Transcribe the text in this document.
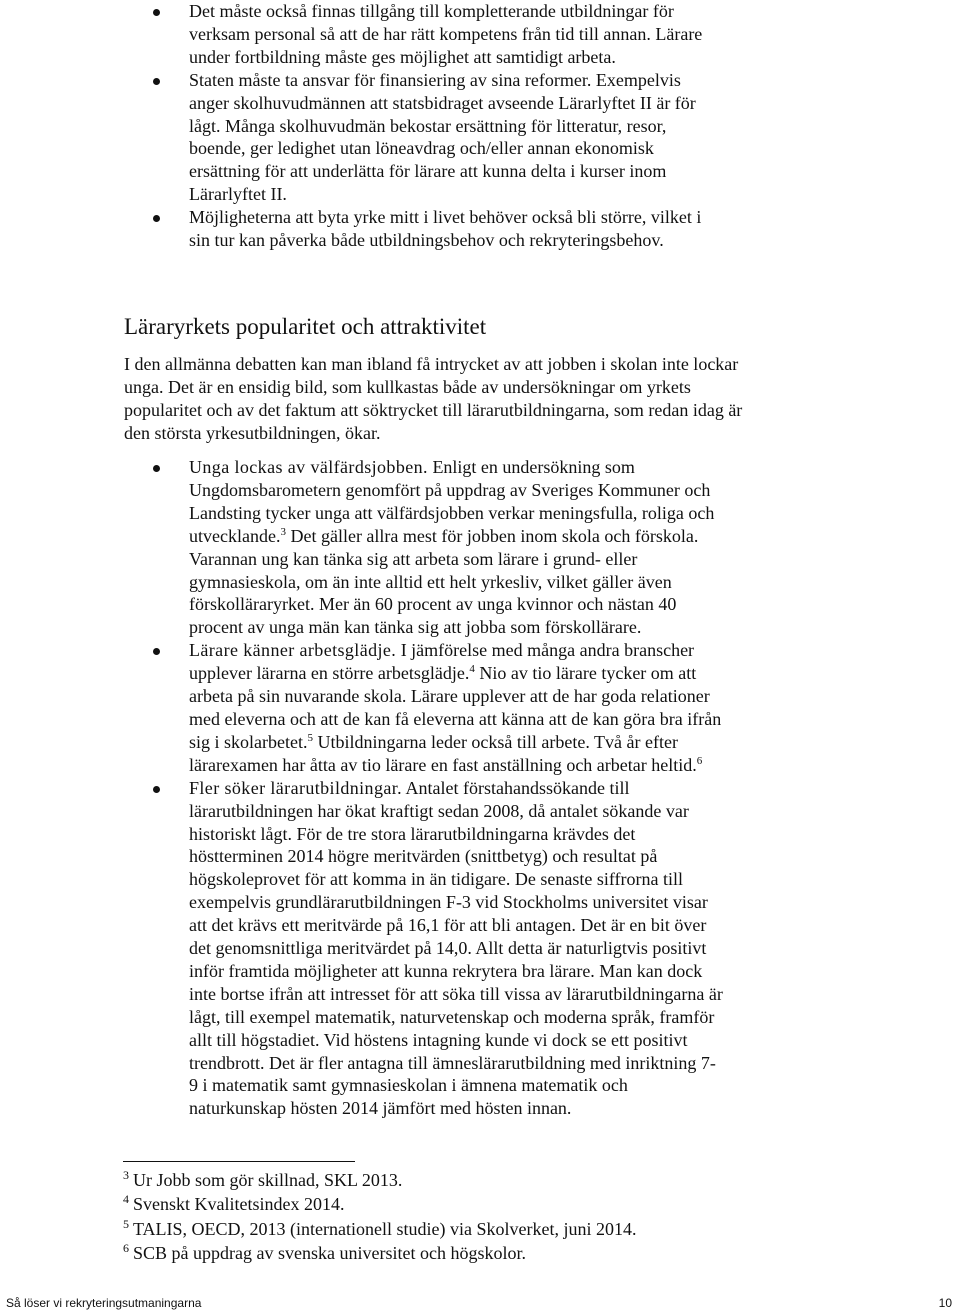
Det måste också finnas tillgång till kompletterande utbildningar för verksam personal så att de har rätt kompetens från tid till annan. Lärare under fortbildning måste ges möjlighet att samtidigt arbeta.
Staten måste ta ansvar för finansiering av sina reformer. Exempelvis anger skolhuvudmännen att statsbidraget avseende Lärarlyftet II är för lågt. Många skolhuvudmän bekostar ersättning för litteratur, resor, boende, ger ledighet utan löneavdrag och/eller annan ekonomisk ersättning för att underlätta för lärare att kunna delta i kurser inom Lärarlyftet II.
Möjligheterna att byta yrke mitt i livet behöver också bli större, vilket i sin tur kan påverka både utbildningsbehov och rekryteringsbehov.
Läraryrkets popularitet och attraktivitet

I den allmänna debatten kan man ibland få intrycket av att jobben i skolan inte lockar unga. Det är en ensidig bild, som kullkastas både av undersökningar om yrkets popularitet och av det faktum att söktrycket till lärarutbildningarna, som redan idag är den största yrkesutbildningen, ökar.

Unga lockas av välfärdsjobben. Enligt en undersökning som Ungdomsbarometern genomfört på uppdrag av Sveriges Kommuner och Landsting tycker unga att välfärdsjobben verkar meningsfulla, roliga och utvecklande.$^3$ Det gäller allra mest för jobben inom skola och förskola. Varannan ung kan tänka sig att arbeta som lärare i grund- eller gymnasieskola, om än inte alltid ett helt yrkesliv, vilket gäller även förskolläraryrket. Mer än 60 procent av unga kvinnor och nästan 40 procent av unga män kan tänka sig att jobba som förskollärare.
Lärare känner arbetsglädje. I jämförelse med många andra branscher upplever lärarna en större arbetsglädje.$^4$ Nio av tio lärare tycker om att arbeta på sin nuvarande skola. Lärare upplever att de har goda relationer med eleverna och att de kan få eleverna att känna att de kan göra bra ifrån sig i skolarbetet.$^5$ Utbildningarna leder också till arbete. Två år efter lärarexamen har åtta av tio lärare en fast anställning och arbetar heltid.$^6$
Fler söker lärarutbildningar. Antalet förstahandssökande till lärarutbildningen har ökat kraftigt sedan 2008, då antalet sökande var historiskt lågt. För de tre stora lärarutbildningarna krävdes det höstterminen 2014 högre meritvärden (snittbetyg) och resultat på högskoleprovet för att komma in än tidigare. De senaste siffrorna till exempelvis grundlärarutbildningen F-3 vid Stockholms universitet visar att det krävs ett meritvärde på 16,1 för att bli antagen. Det är en bit över det genomsnittliga meritvärdet på 14,0. Allt detta är naturligtvis positivt inför framtida möjligheter att kunna rekrytera bra lärare. Man kan dock inte bortse ifrån att intresset för att söka till vissa av lärarutbildningarna är lågt, till exempel matematik, naturvetenskap och moderna språk, framför allt till högstadiet. Vid höstens intagning kunde vi dock se ett positivt trendbrott. Det är fler antagna till ämneslärarutbildning med inriktning 7-9 i matematik samt gymnasieskolan i ämnena matematik och naturkunskap hösten 2014 jämfört med hösten innan.
$^3$ Ur Jobb som gör skillnad, SKL 2013.
$^4$ Svenskt Kvalitetsindex 2014.
$^5$ TALIS, OECD, 2013 (internationell studie) via Skolverket, juni 2014.
$^6$ SCB på uppdrag av svenska universitet och högskolor.
Så löser vi rekryteringsutmaningarna	10
